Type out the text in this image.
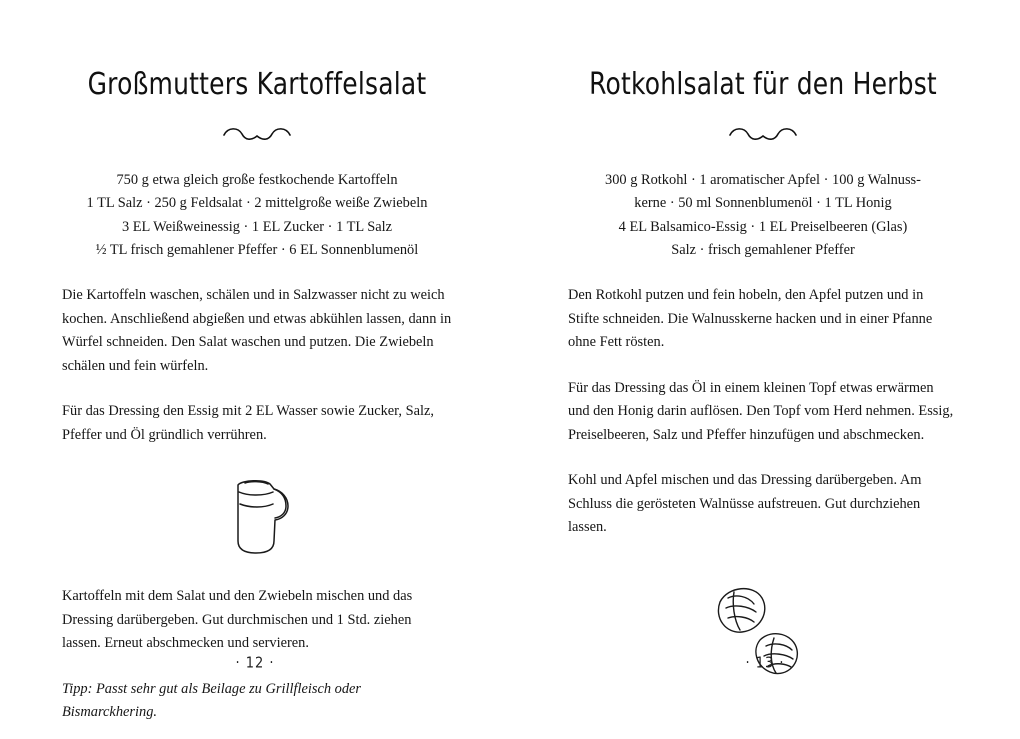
Großmutters Kartoffelsalat
750 g etwa gleich große festkochende Kartoffeln
1 TL Salz · 250 g Feldsalat · 2 mittelgroße weiße Zwiebeln
3 EL Weißweinessig · 1 EL Zucker · 1 TL Salz
½ TL frisch gemahlener Pfeffer · 6 EL Sonnenblumenöl

Die Kartoffeln waschen, schälen und in Salzwasser nicht zu weich kochen. Anschließend abgießen und etwas abkühlen lassen, dann in Würfel schneiden. Den Salat waschen und putzen. Die Zwiebeln schälen und fein würfeln.

Für das Dressing den Essig mit 2 EL Wasser sowie Zucker, Salz, Pfeffer und Öl gründlich verrühren.

Kartoffeln mit dem Salat und den Zwiebeln mischen und das Dressing darübergeben. Gut durchmischen und 1 Std. ziehen lassen. Erneut abschmecken und servieren.

Tipp: Passt sehr gut als Beilage zu Grillfleisch oder Bismarckhering.

· 12 ·
Rotkohlsalat für den Herbst
300 g Rotkohl · 1 aromatischer Apfel · 100 g Walnuss-
kerne · 50 ml Sonnenblumenöl · 1 TL Honig
4 EL Balsamico-Essig · 1 EL Preiselbeeren (Glas)
Salz · frisch gemahlener Pfeffer

Den Rotkohl putzen und fein hobeln, den Apfel putzen und in Stifte schneiden. Die Walnusskerne hacken und in einer Pfanne ohne Fett rösten.

Für das Dressing das Öl in einem kleinen Topf etwas erwärmen und den Honig darin auflösen. Den Topf vom Herd nehmen. Essig, Preiselbeeren, Salz und Pfeffer hinzufügen und abschmecken.

Kohl und Apfel mischen und das Dressing darübergeben. Am Schluss die gerösteten Walnüsse aufstreuen. Gut durchziehen lassen.

· 13 ·
